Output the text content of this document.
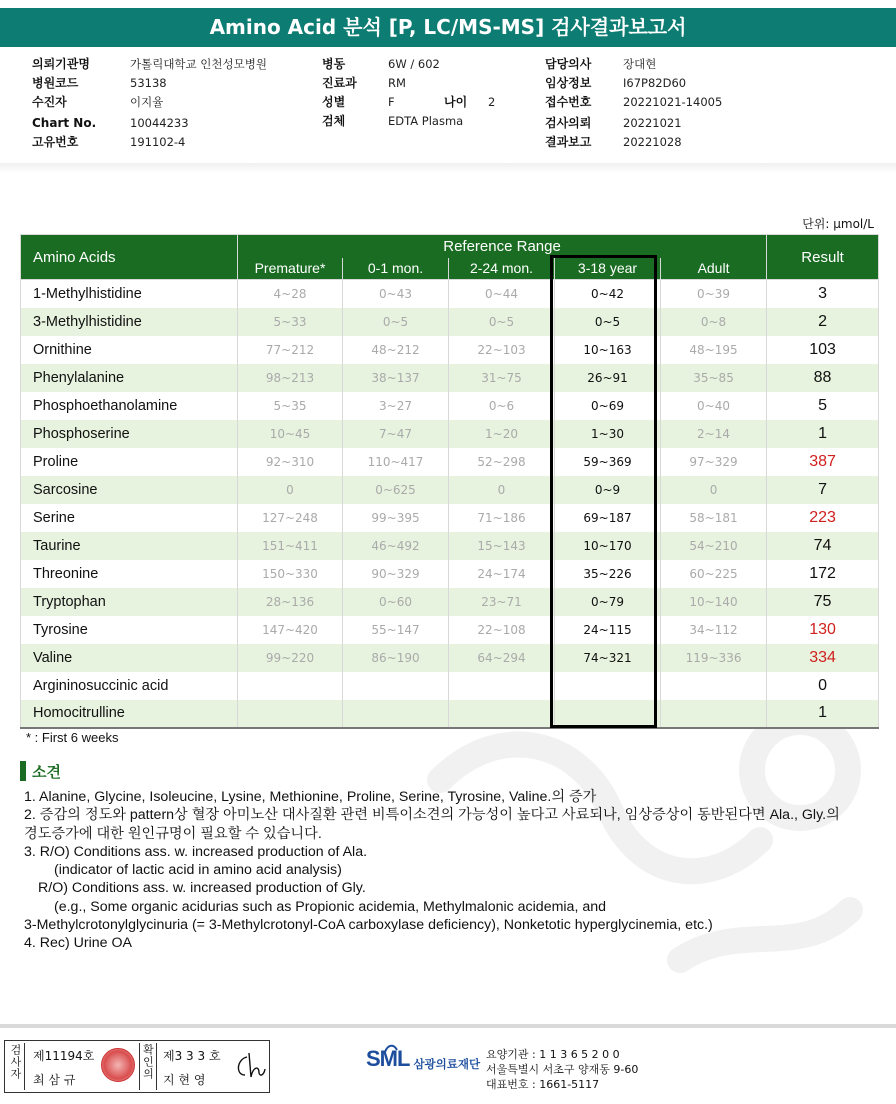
Amino Acid 분석 [P, LC/MS-MS] 검사결과보고서
의뢰기관명	가톨릭대학교 인천성모병원
병원코드	53138
수진자	이지율
Chart No.	10044233
고유번호	191102-4
병동	6W / 602
진료과	RM
성별	F	나이	2
검체	EDTA Plasma
담당의사	장대현
임상정보	I67P82D60
접수번호	20221021-14005
검사의뢰	20221021
결과보고	20221028
단위: μmol/L
Amino Acids	Reference Range					Result
	Premature*	0-1 mon.	2-24 mon.	3-18 year	Adult	
1-Methylhistidine	4~28	0~43	0~44	0~42	0~39	3
3-Methylhistidine	5~33	0~5	0~5	0~5	0~8	2
Ornithine	77~212	48~212	22~103	10~163	48~195	103
Phenylalanine	98~213	38~137	31~75	26~91	35~85	88
Phosphoethanolamine	5~35	3~27	0~6	0~69	0~40	5
Phosphoserine	10~45	7~47	1~20	1~30	2~14	1
Proline	92~310	110~417	52~298	59~369	97~329	387
Sarcosine	0	0~625	0	0~9	0	7
Serine	127~248	99~395	71~186	69~187	58~181	223
Taurine	151~411	46~492	15~143	10~170	54~210	74
Threonine	150~330	90~329	24~174	35~226	60~225	172
Tryptophan	28~136	0~60	23~71	0~79	10~140	75
Tyrosine	147~420	55~147	22~108	24~115	34~112	130
Valine	99~220	86~190	64~294	74~321	119~336	334
Argininosuccinic acid						0
Homocitrulline						1
* : First 6 weeks
소견
1. Alanine, Glycine, Isoleucine, Lysine, Methionine, Proline, Serine, Tyrosine, Valine.의 증가
2. 증감의 정도와 pattern상 혈장 아미노산 대사질환 관련 비특이소견의 가능성이 높다고 사료되나, 임상증상이 동반된다면 Ala., Gly.의
경도증가에 대한 원인규명이 필요할 수 있습니다.
3. R/O) Conditions ass. w. increased production of Ala.
(indicator of lactic acid in amino acid analysis)
R/O) Conditions ass. w. increased production of Gly.
(e.g., Some organic acidurias such as Propionic acidemia, Methylmalonic acidemia, and
3-Methylcrotonylglycinuria (= 3-Methylcrotonyl-CoA carboxylase deficiency), Nonketotic hyperglycinemia, etc.)
4. Rec) Urine OA
검사자 제11194호
최 삼 규	확인의 제3 3 3 호
지 현 영
SML 삼광의료재단
요양기관 : 1 1 3 6 5 2 0 0
서울특별시 서초구 양재동 9-60
대표번호 : 1661-5117
